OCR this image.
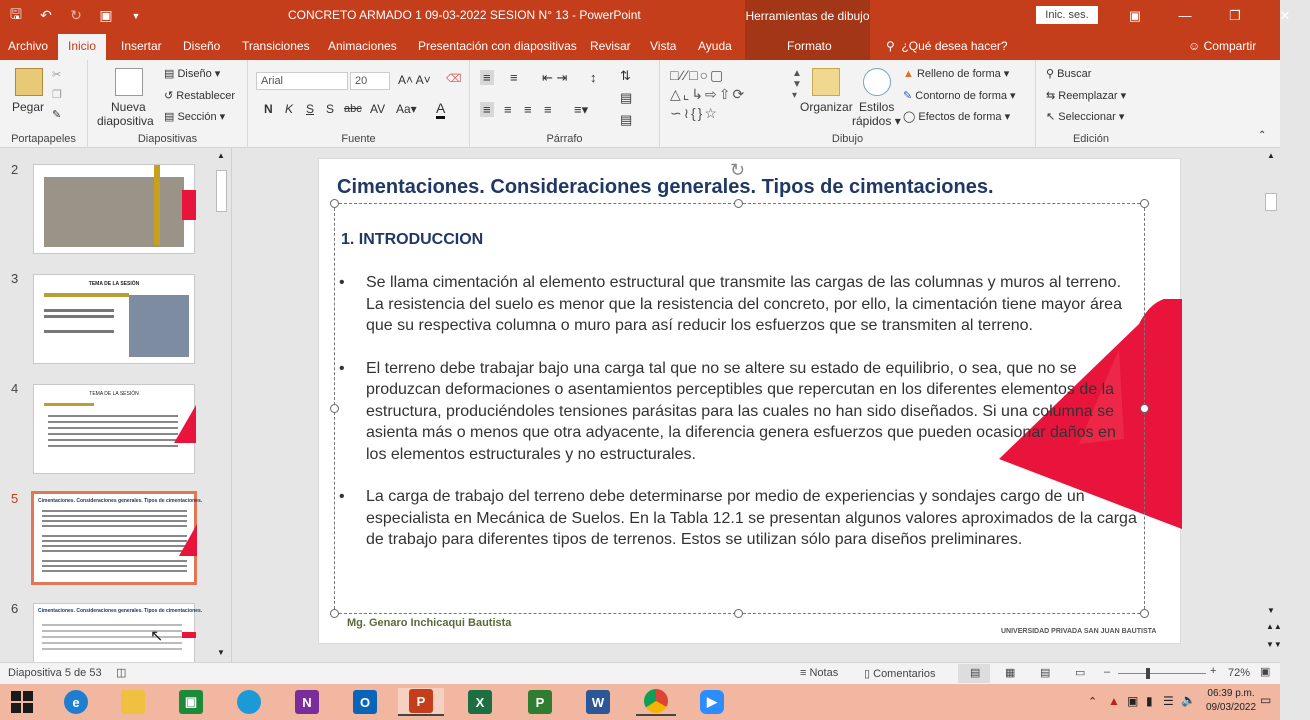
🖫 ↶ ↻ ▣	▼	CONCRETO ARMADO 1 09-03-2022 SESION N° 13 - PowerPoint	Herramientas de dibujo	Inic. ses.	▣	—	❐	✕
Archivo	Inicio	Insertar Diseño Transiciones Animaciones Presentación con diapositivas Revisar Vista Ayuda	Formato	⚲ ¿Qué desea hacer?	☺ Compartir
Pegar
✂
❐
✎
Portapapeles
Nueva
diapositiva
▤ Diseño ▾
↺ Restablecer
▤ Sección ▾
Diapositivas
Arial	20	A˄ A˅ ⌫
N K S S abc AV Aa▾ A
Fuente
≡ ≡ ⇤ ⇥ ↕ ⇅
≡ ≡ ≡ ≡ ≡▾
▤
▤
Párrafo
□⁄⁄□○▢
△⌞↳⇨⇧⟳
∽≀{}☆
▲
▼
▾
Organizar Estilos
rápidos ▾
▲ Relleno de forma ▾
✎ Contorno de forma ▾
◯ Efectos de forma ▾
Dibujo
⚲ Buscar
⇆ Reemplazar ▾
↖ Seleccionar ▾
Edición	⌃
2
3	TEMA DE LA SESIÓN
4	TEMA DE LA SESIÓN
5	Cimentaciones. Consideraciones generales. Tipos de cimentaciones.
6	Cimentaciones. Consideraciones generales. Tipos de cimentaciones.
↖
▲
▼
Cimentaciones. Consideraciones generales. Tipos de cimentaciones.
1. INTRODUCCION
• Se llama cimentación al elemento estructural que transmite las cargas de las columnas y muros al terreno. La resistencia del suelo es menor que la resistencia del concreto, por ello, la cimentación tiene mayor área que su respectiva columna o muro para así reducir los esfuerzos que se transmiten al terreno.
• El terreno debe trabajar bajo una carga tal que no se altere su estado de equilibrio, o sea, que no se produzcan deformaciones o asentamientos perceptibles que repercutan en los diferentes elementos de la estructura, produciéndoles tensiones parásitas para las cuales no han sido diseñados. Si una columna se asienta más o menos que otra adyacente, la diferencia genera esfuerzos que pueden ocasionar daños en los elementos estructurales y no estructurales.
• La carga de trabajo del terreno debe determinarse por medio de experiencias y sondajes cargo de un especialista en Mecánica de Suelos. En la Tabla 12.1 se presentan algunos valores aproximados de la carga de trabajo para diferentes tipos de terrenos. Estos se utilizan sólo para diseños preliminares.
Mg. Genaro Inchicaqui Bautista
UNIVERSIDAD PRIVADA SAN JUAN BAUTISTA
↻
▲
▼
▲▲
▼▼
Diapositiva 5 de 53 ◫	≡ Notas ▯ Comentarios	▤ ▦ ▤ ▭ –	+ 72% ▣
e	▣	N	O	P	X	P	W	▶	⌃ ▲ ▣ ▮ ☰ 🔈 06:39 p.m.
09/03/2022
▭
